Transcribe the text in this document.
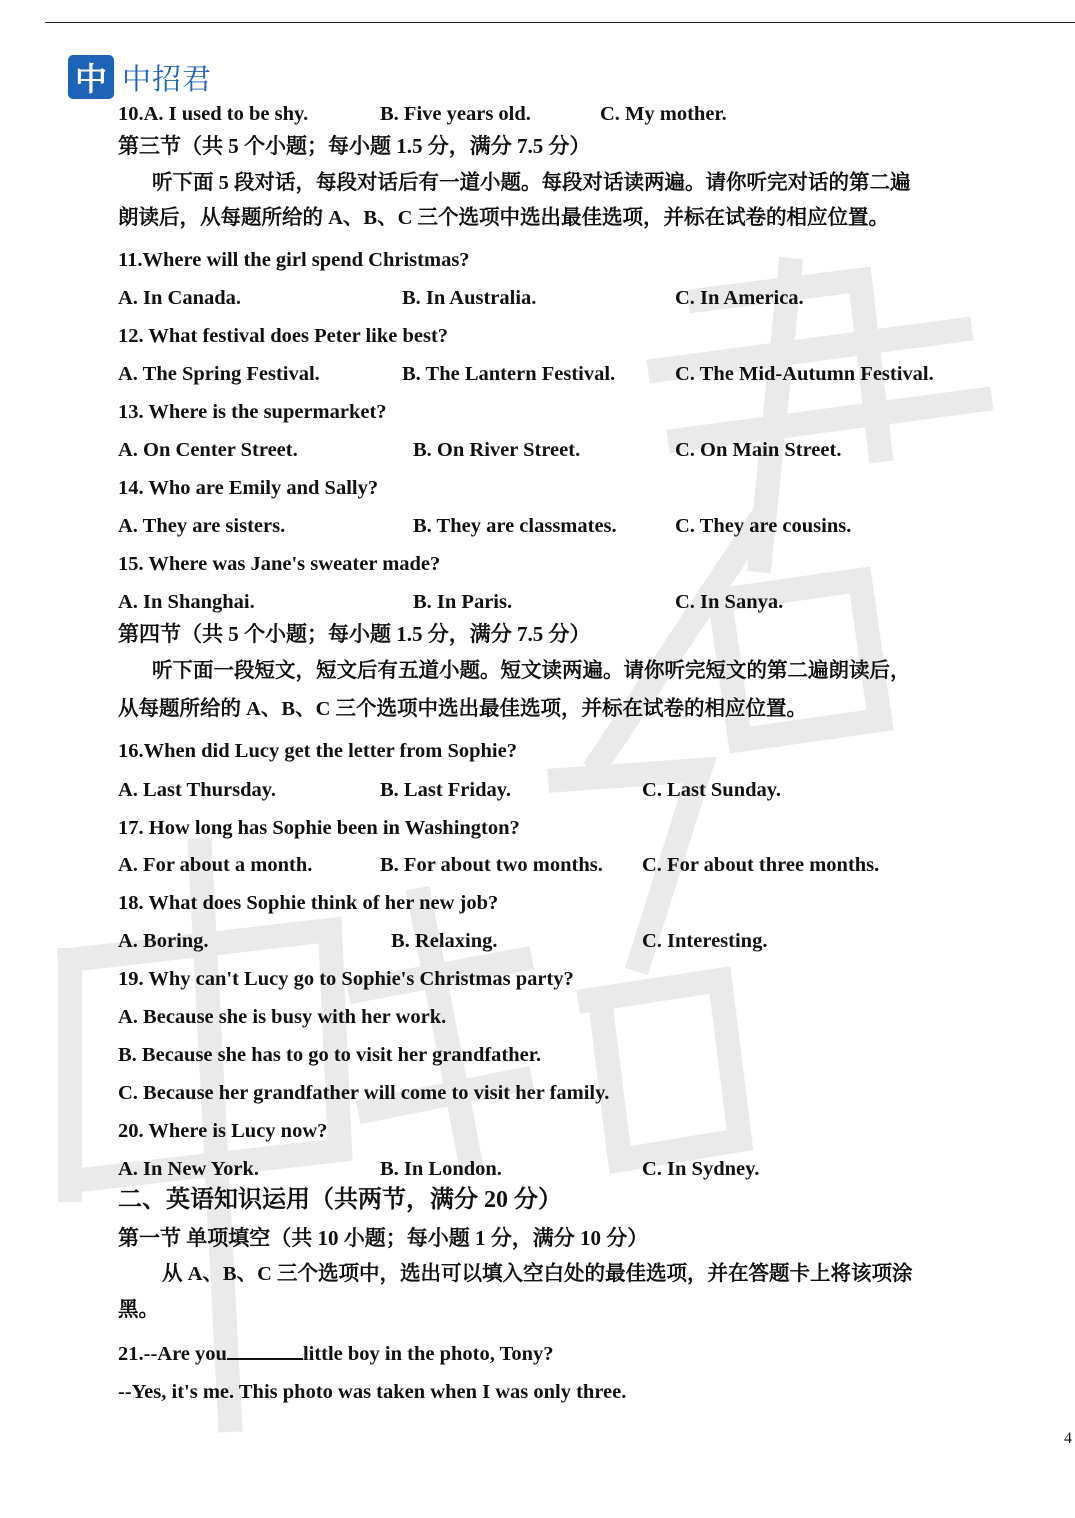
中 中招君
10.A. I used to be shy.	B. Five years old.	C. My mother.
第三节（共 5 个小题；每小题 1.5 分，满分 7.5 分）
听下面 5 段对话，每段对话后有一道小题。每段对话读两遍。请你听完对话的第二遍
朗读后，从每题所给的 A、B、C 三个选项中选出最佳选项，并标在试卷的相应位置。
11.Where will the girl spend Christmas?
A. In Canada.	B. In Australia.	C. In America.
12. What festival does Peter like best?
A. The Spring Festival.	B. The Lantern Festival.	C. The Mid-Autumn Festival.
13. Where is the supermarket?
A. On Center Street.	B. On River Street.	C. On Main Street.
14. Who are Emily and Sally?
A. They are sisters.	B. They are classmates.	C. They are cousins.
15. Where was Jane's sweater made?
A. In Shanghai.	B. In Paris.	C. In Sanya.
第四节（共 5 个小题；每小题 1.5 分，满分 7.5 分）
听下面一段短文，短文后有五道小题。短文读两遍。请你听完短文的第二遍朗读后，
从每题所给的 A、B、C 三个选项中选出最佳选项，并标在试卷的相应位置。
16.When did Lucy get the letter from Sophie?
A. Last Thursday.	B. Last Friday.	C. Last Sunday.
17. How long has Sophie been in Washington?
A. For about a month.	B. For about two months. C. For about three months.
18. What does Sophie think of her new job?
A. Boring.	B. Relaxing.	C. Interesting.
19. Why can't Lucy go to Sophie's Christmas party?
A. Because she is busy with her work.
B. Because she has to go to visit her grandfather.
C. Because her grandfather will come to visit her family.
20. Where is Lucy now?
A. In New York.	B. In London.	C. In Sydney.
二、英语知识运用（共两节，满分 20 分）
第一节 单项填空（共 10 小题；每小题 1 分，满分 10 分）
从 A、B、C 三个选项中，选出可以填入空白处的最佳选项，并在答题卡上将该项涂
黑。
21.--Are you	little boy in the photo, Tony?
--Yes, it's me. This photo was taken when I was only three.
4
